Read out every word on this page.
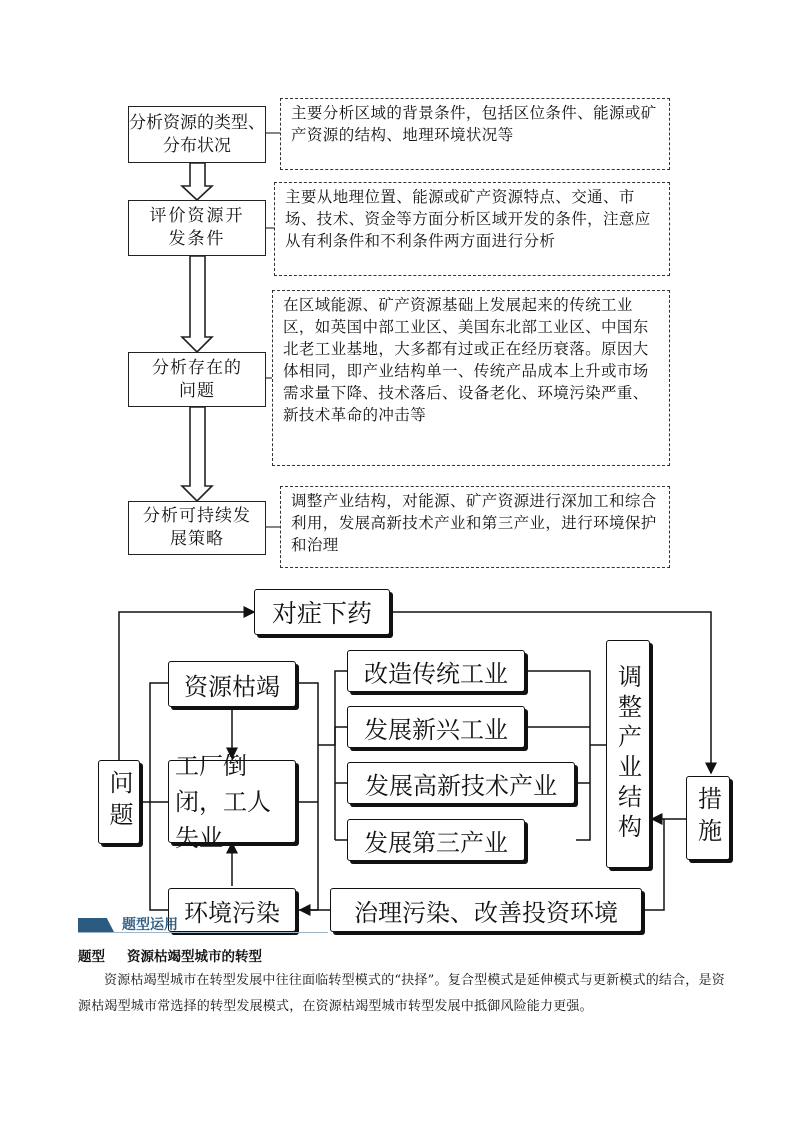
分析资源的类型、分布状况
评价资源开发条件
分析存在的问题
分析可持续发展策略
主要分析区域的背景条件，包括区位条件、能源或矿产资源的结构、地理环境状况等
主要从地理位置、能源或矿产资源特点、交通、市场、技术、资金等方面分析区域开发的条件，注意应从有利条件和不利条件两方面进行分析
在区域能源、矿产资源基础上发展起来的传统工业区，如英国中部工业区、美国东北部工业区、中国东北老工业基地，大多都有过或正在经历衰落。原因大体相同，即产业结构单一、传统产品成本上升或市场需求量下降、技术落后、设备老化、环境污染严重、新技术革命的冲击等
调整产业结构，对能源、矿产资源进行深加工和综合利用，发展高新技术产业和第三产业，进行环境保护和治理
对症下药
问题
资源枯竭
工厂倒闭，工人失业
环境污染
改造传统工业
发展新兴工业
发展高新技术产业
发展第三产业	调整产业结构 措施
治理污染、改善投资环境
题型运用
题型 资源枯竭型城市的转型
资源枯竭型城市在转型发展中往往面临转型模式的“抉择”。复合型模式是延伸模式与更新模式的结合，是资源枯竭型城市常选择的转型发展模式，在资源枯竭型城市转型发展中抵御风险能力更强。
